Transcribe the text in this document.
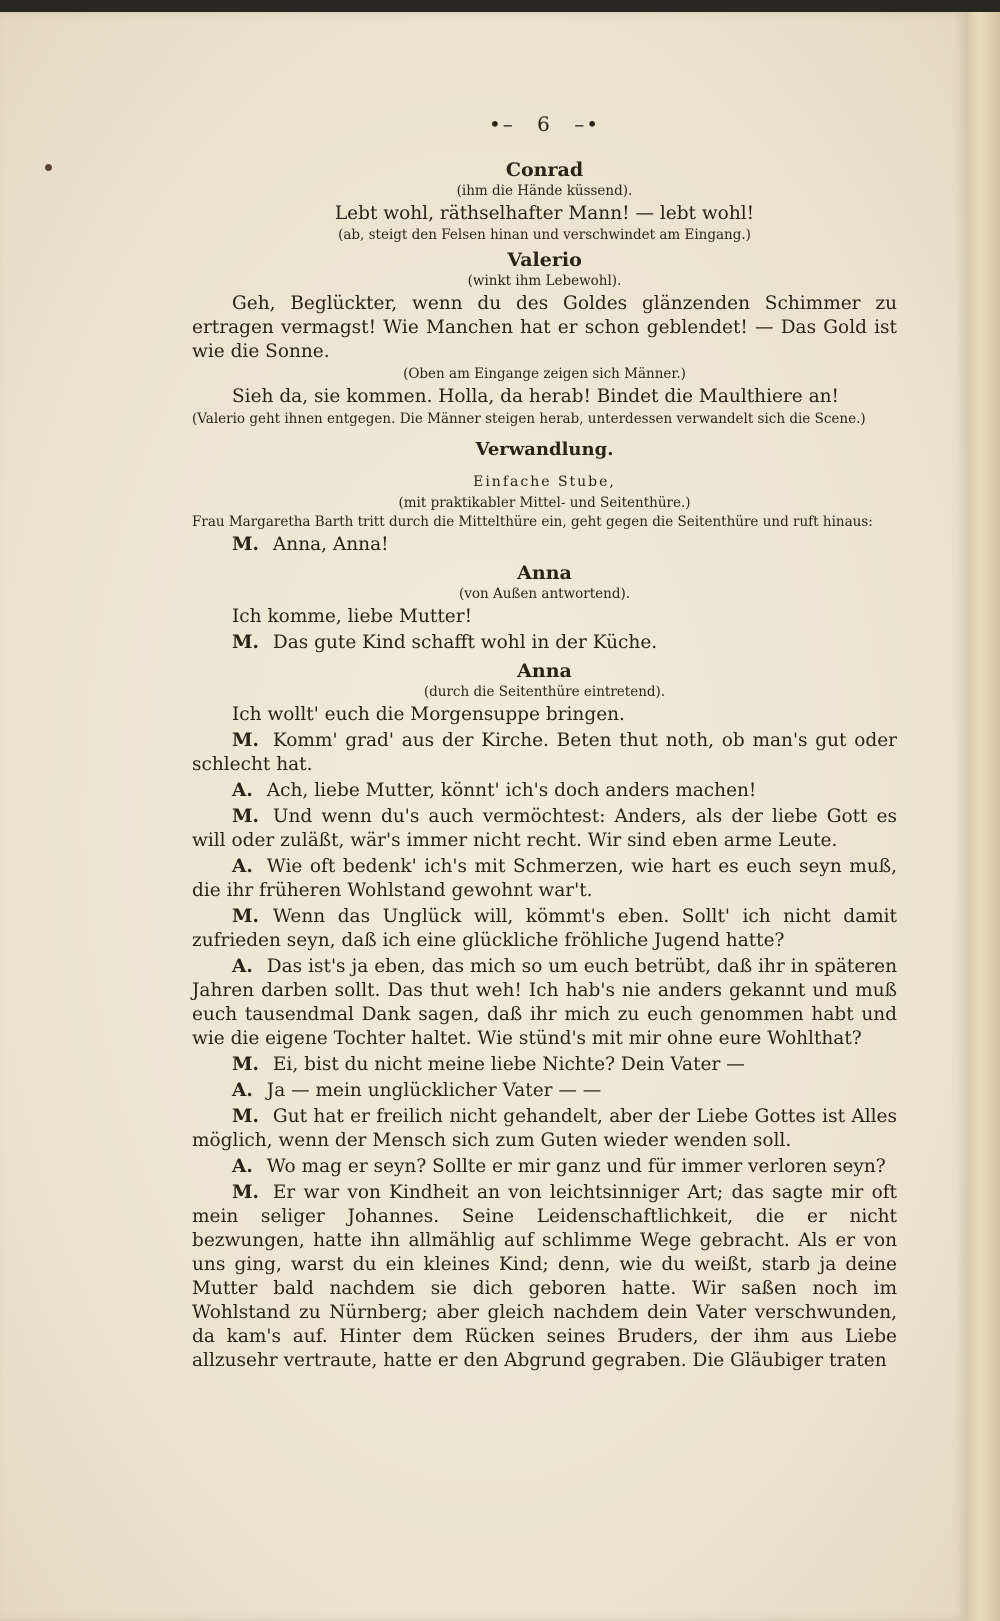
•– 6 –•
Conrad
(ihm die Hände küssend).
Lebt wohl, räthselhafter Mann! — lebt wohl!
(ab, steigt den Felsen hinan und verschwindet am Eingang.)
Valerio
(winkt ihm Lebewohl).
Geh, Beglückter, wenn du des Goldes glänzenden Schimmer zu ertragen vermagst! Wie Manchen hat er schon geblendet! — Das Gold ist wie die Sonne.
(Oben am Eingange zeigen sich Männer.)
Sieh da, sie kommen. Holla, da herab! Bindet die Maulthiere an!
(Valerio geht ihnen entgegen. Die Männer steigen herab, unterdessen verwandelt sich die Scene.)
Verwandlung.
Einfache Stube,
(mit praktikabler Mittel- und Seitenthüre.)
Frau Margaretha Barth tritt durch die Mittelthüre ein, geht gegen die Seitenthüre und ruft hinaus:
M. Anna, Anna!
Anna
(von Außen antwortend).
Ich komme, liebe Mutter!
M. Das gute Kind schafft wohl in der Küche.
Anna
(durch die Seitenthüre eintretend).
Ich wollt' euch die Morgensuppe bringen.
M. Komm' grad' aus der Kirche. Beten thut noth, ob man's gut oder schlecht hat.
A. Ach, liebe Mutter, könnt' ich's doch anders machen!
M. Und wenn du's auch vermöchtest: Anders, als der liebe Gott es will oder zuläßt, wär's immer nicht recht. Wir sind eben arme Leute.
A. Wie oft bedenk' ich's mit Schmerzen, wie hart es euch seyn muß, die ihr früheren Wohlstand gewohnt war't.
M. Wenn das Unglück will, kömmt's eben. Sollt' ich nicht damit zufrieden seyn, daß ich eine glückliche fröhliche Jugend hatte?
A. Das ist's ja eben, das mich so um euch betrübt, daß ihr in späteren Jahren darben sollt. Das thut weh! Ich hab's nie anders gekannt und muß euch tausendmal Dank sagen, daß ihr mich zu euch genommen habt und wie die eigene Tochter haltet. Wie stünd's mit mir ohne eure Wohlthat?
M. Ei, bist du nicht meine liebe Nichte? Dein Vater —
A. Ja — mein unglücklicher Vater — —
M. Gut hat er freilich nicht gehandelt, aber der Liebe Gottes ist Alles möglich, wenn der Mensch sich zum Guten wieder wenden soll.
A. Wo mag er seyn? Sollte er mir ganz und für immer verloren seyn?
M. Er war von Kindheit an von leichtsinniger Art; das sagte mir oft mein seliger Johannes. Seine Leidenschaftlichkeit, die er nicht bezwungen, hatte ihn allmählig auf schlimme Wege gebracht. Als er von uns ging, warst du ein kleines Kind; denn, wie du weißt, starb ja deine Mutter bald nachdem sie dich geboren hatte. Wir saßen noch im Wohlstand zu Nürnberg; aber gleich nachdem dein Vater verschwunden, da kam's auf. Hinter dem Rücken seines Bruders, der ihm aus Liebe allzusehr vertraute, hatte er den Abgrund gegraben. Die Gläubiger traten
